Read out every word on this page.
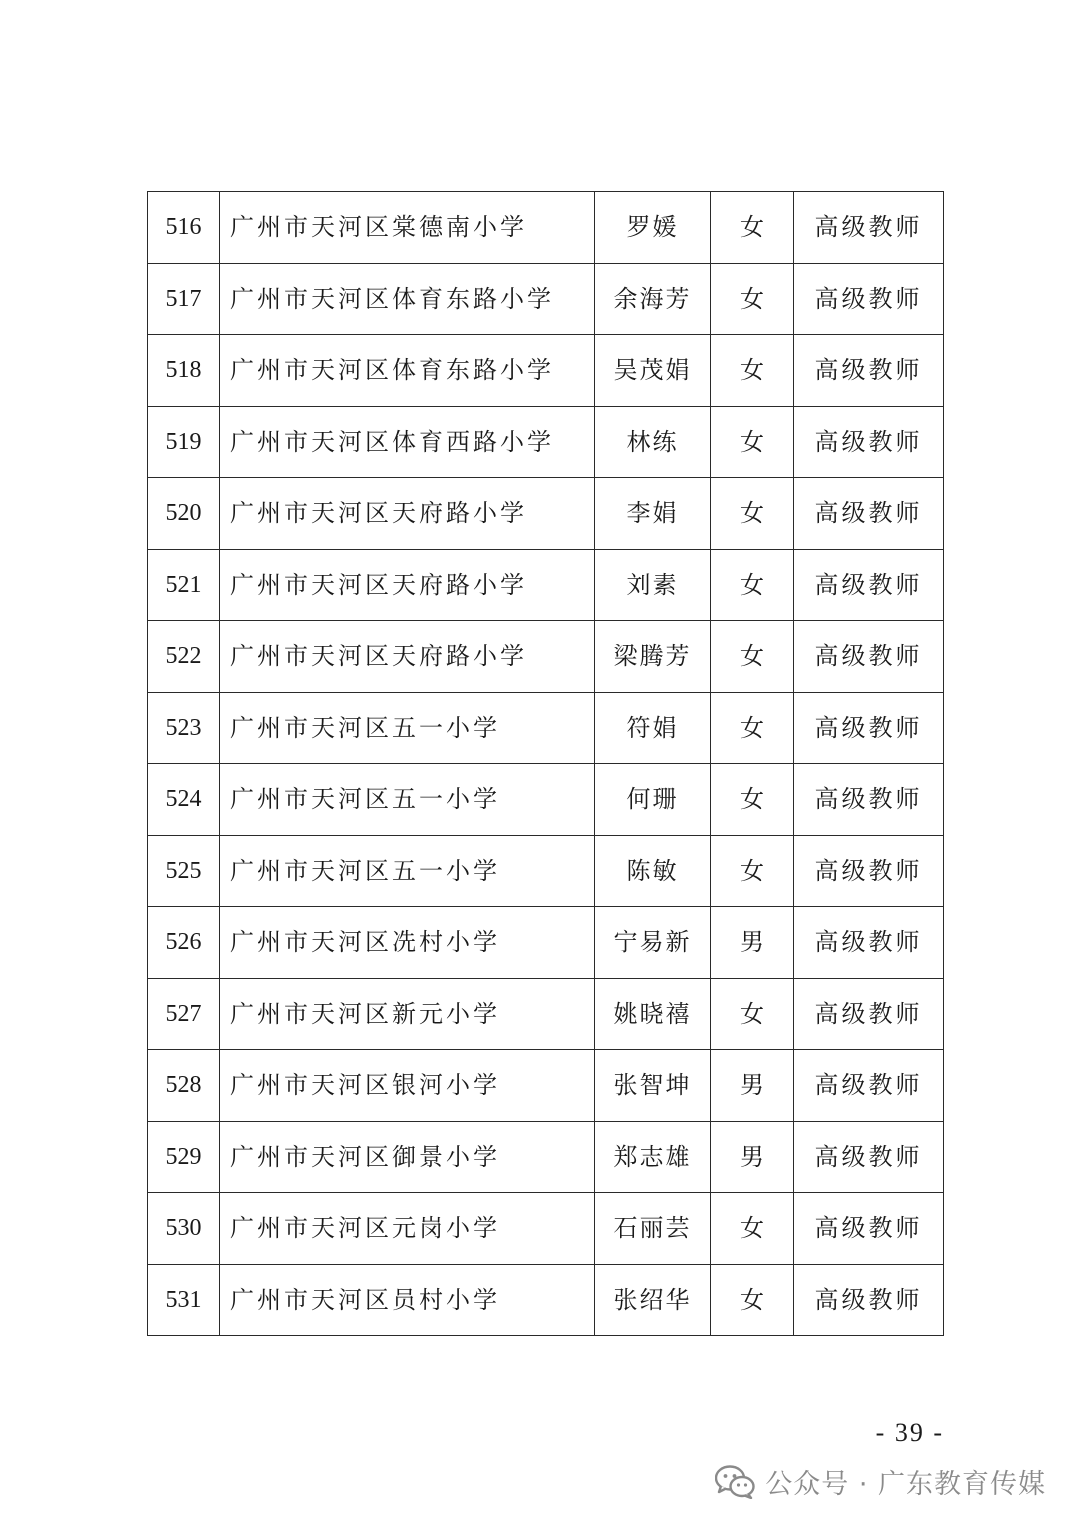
516	广州市天河区棠德南小学	罗媛	女	高级教师
517	广州市天河区体育东路小学	余海芳	女	高级教师
518	广州市天河区体育东路小学	吴茂娟	女	高级教师
519	广州市天河区体育西路小学	林练	女	高级教师
520	广州市天河区天府路小学	李娟	女	高级教师
521	广州市天河区天府路小学	刘素	女	高级教师
522	广州市天河区天府路小学	梁腾芳	女	高级教师
523	广州市天河区五一小学	符娟	女	高级教师
524	广州市天河区五一小学	何珊	女	高级教师
525	广州市天河区五一小学	陈敏	女	高级教师
526	广州市天河区冼村小学	宁易新	男	高级教师
527	广州市天河区新元小学	姚晓禧	女	高级教师
528	广州市天河区银河小学	张智坤	男	高级教师
529	广州市天河区御景小学	郑志雄	男	高级教师
530	广州市天河区元岗小学	石丽芸	女	高级教师
531	广州市天河区员村小学	张绍华	女	高级教师
- 39 -
公众号 · 广东教育传媒
